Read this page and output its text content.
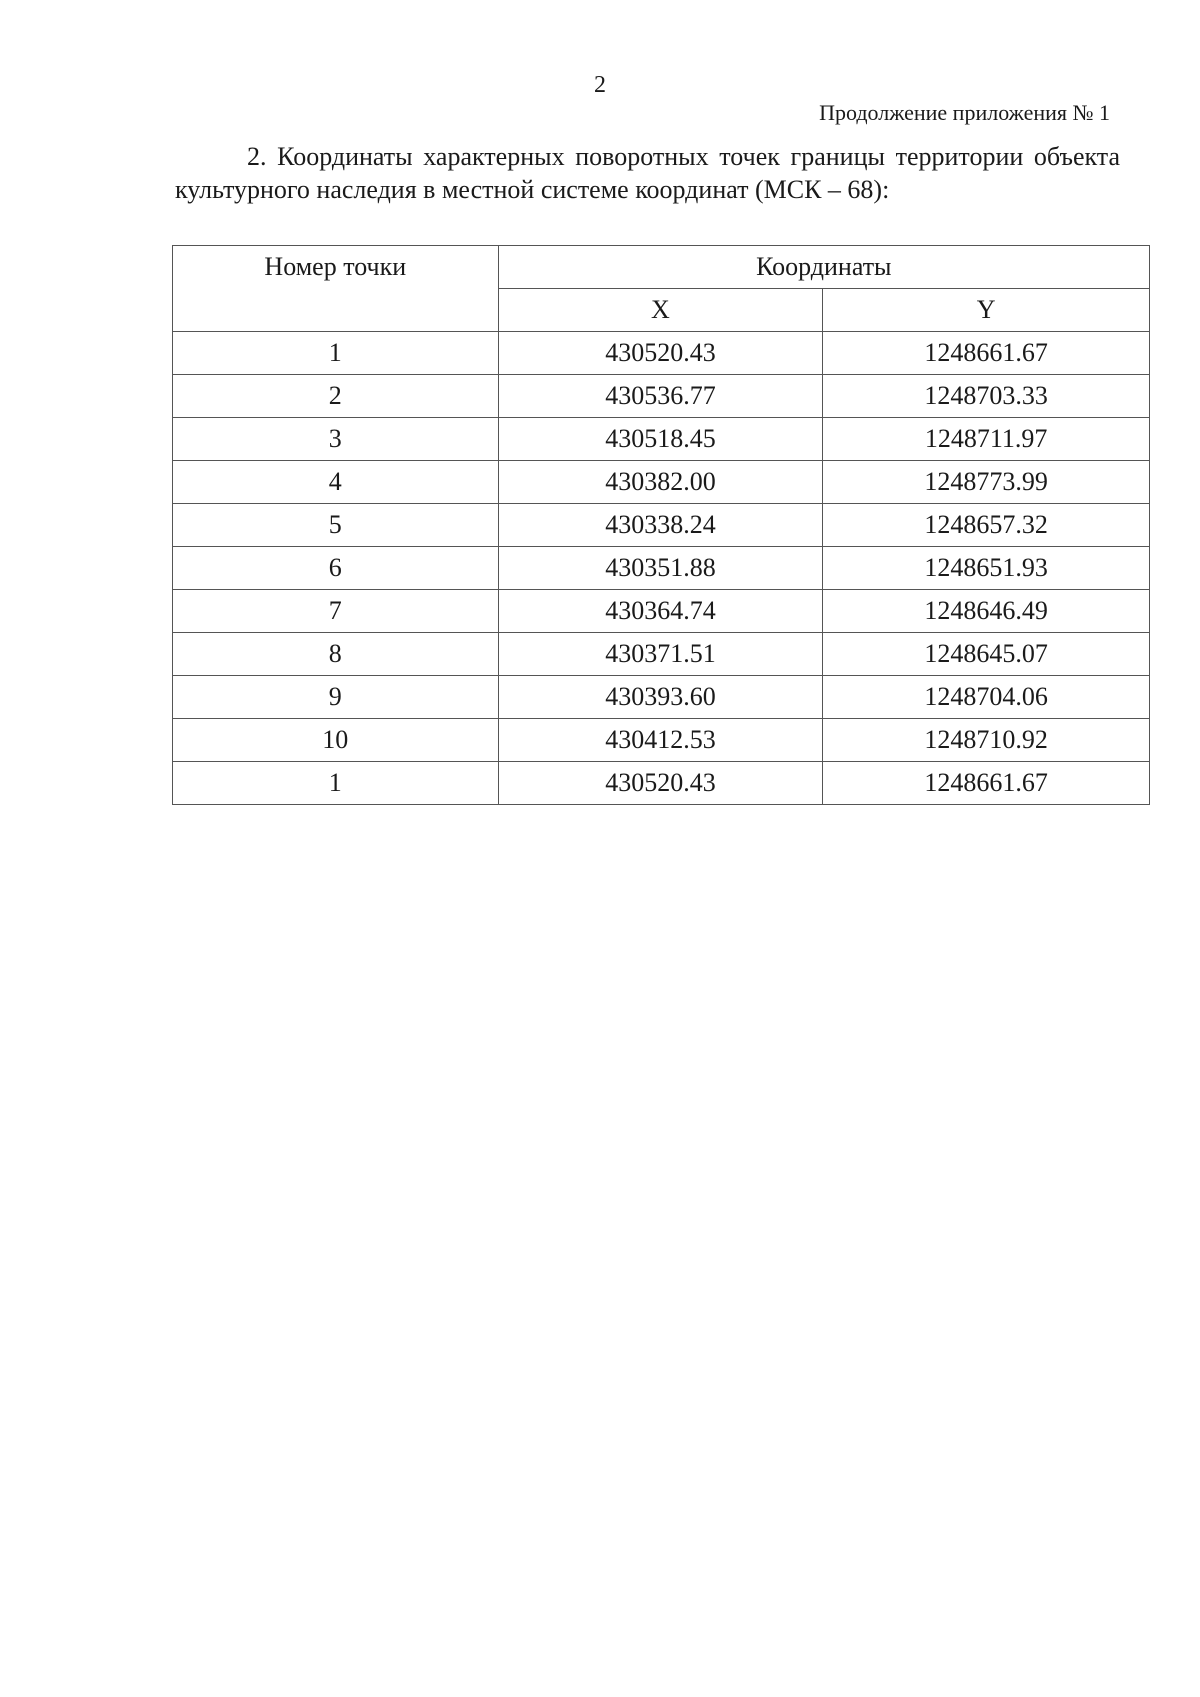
2
Продолжение приложения № 1

2. Координаты характерных поворотных точек границы территории объекта культурного наследия в местной системе координат (МСК – 68):

Номер точки	Координаты	
	X	Y
1	430520.43	1248661.67
2	430536.77	1248703.33
3	430518.45	1248711.97
4	430382.00	1248773.99
5	430338.24	1248657.32
6	430351.88	1248651.93
7	430364.74	1248646.49
8	430371.51	1248645.07
9	430393.60	1248704.06
10	430412.53	1248710.92
1	430520.43	1248661.67
